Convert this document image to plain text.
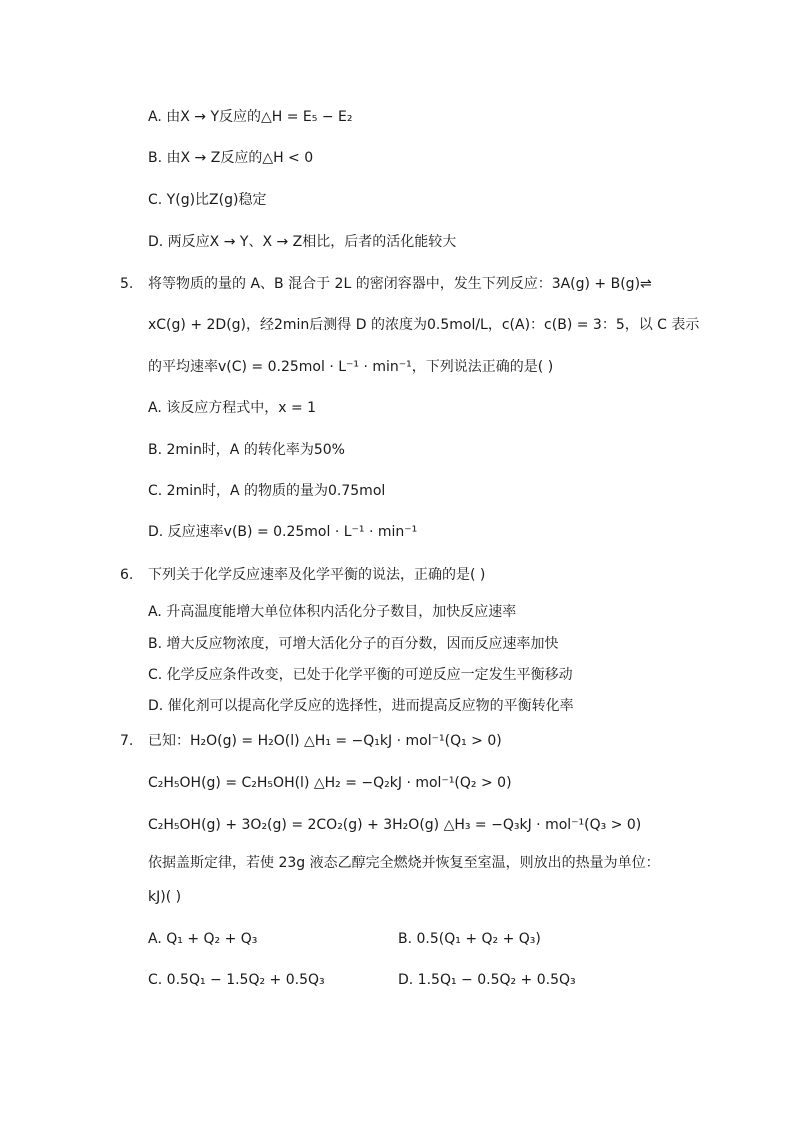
A. 由X → Y反应的△H = E₅ − E₂
B. 由X → Z反应的△H < 0
C. Y(g)比Z(g)稳定
D. 两反应X → Y、X → Z相比，后者的活化能较大
5. 将等物质的量的 A、B 混合于 2L 的密闭容器中，发生下列反应：3A(g) + B(g)⇌
xC(g) + 2D(g)，经2min后测得 D 的浓度为0.5mol/L，c(A)：c(B) = 3：5，以 C 表示
的平均速率v(C) = 0.25mol · L⁻¹ · min⁻¹，下列说法正确的是( )
A. 该反应方程式中，x = 1
B. 2min时，A 的转化率为50%
C. 2min时，A 的物质的量为0.75mol
D. 反应速率v(B) = 0.25mol · L⁻¹ · min⁻¹
6. 下列关于化学反应速率及化学平衡的说法，正确的是( )
A. 升高温度能增大单位体积内活化分子数目，加快反应速率
B. 增大反应物浓度，可增大活化分子的百分数，因而反应速率加快
C. 化学反应条件改变，已处于化学平衡的可逆反应一定发生平衡移动
D. 催化剂可以提高化学反应的选择性，进而提高反应物的平衡转化率
7. 已知：H₂O(g) = H₂O(l) △H₁ = −Q₁kJ · mol⁻¹(Q₁ > 0)
C₂H₅OH(g) = C₂H₅OH(l) △H₂ = −Q₂kJ · mol⁻¹(Q₂ > 0)
C₂H₅OH(g) + 3O₂(g) = 2CO₂(g) + 3H₂O(g) △H₃ = −Q₃kJ · mol⁻¹(Q₃ > 0)
依据盖斯定律，若使 23g 液态乙醇完全燃烧并恢复至室温，则放出的热量为单位：
kJ)( )
A. Q₁ + Q₂ + Q₃	B. 0.5(Q₁ + Q₂ + Q₃)
C. 0.5Q₁ − 1.5Q₂ + 0.5Q₃	D. 1.5Q₁ − 0.5Q₂ + 0.5Q₃
